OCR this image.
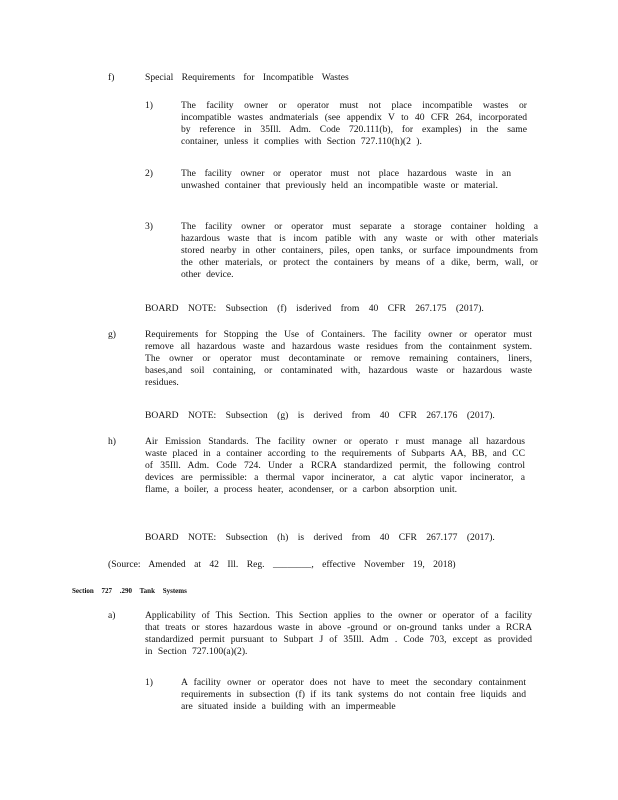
f)	Special Requirements for Incompatible Wastes
1)	The facility owner or operator must not place incompatible wastes or incompatible wastes andmaterials (see appendix V to 40 CFR 264, incorporated by reference in 35Ill. Adm. Code 720.111(b), for examples) in the same container, unless it complies with Section 727.110(h)(2 ).
2)	The facility owner or operator must not place hazardous waste in an unwashed container that previously held an incompatible waste or material.
3)	The facility owner or operator must separate a storage container holding a hazardous waste that is incom patible with any waste or with other materials stored nearby in other containers, piles, open tanks, or surface impoundments from the other materials, or protect the containers by means of a dike, berm, wall, or other device.
BOARD NOTE: Subsection (f) isderived from 40 CFR 267.175 (2017).
g)	Requirements for Stopping the Use of Containers. The facility owner or operator must remove all hazardous waste and hazardous waste residues from the containment system. The owner or operator must decontaminate or remove remaining containers, liners, bases,and soil containing, or contaminated with, hazardous waste or hazardous waste residues.
BOARD NOTE: Subsection (g) is derived from 40 CFR 267.176 (2017).
h)	Air Emission Standards. The facility owner or operato r must manage all hazardous waste placed in a container according to the requirements of Subparts AA, BB, and CC of 35Ill. Adm. Code 724. Under a RCRA standardized permit, the following control devices are permissible: a thermal vapor incinerator, a cat alytic vapor incinerator, a flame, a boiler, a process heater, acondenser, or a carbon absorption unit.
BOARD NOTE: Subsection (h) is derived from 40 CFR 267.177 (2017).
(Source: Amended at 42 Ill. Reg. ________, effective November 19, 2018)
Section 727 .290 Tank Systems
a)	Applicability of This Section. This Section applies to the owner or operator of a facility that treats or stores hazardous waste in above -ground or on-ground tanks under a RCRA standardized permit pursuant to Subpart J of 35Ill. Adm . Code 703, except as provided in Section 727.100(a)(2).
1)	A facility owner or operator does not have to meet the secondary containment requirements in subsection (f) if its tank systems do not contain free liquids and are situated inside a building with an impermeable
